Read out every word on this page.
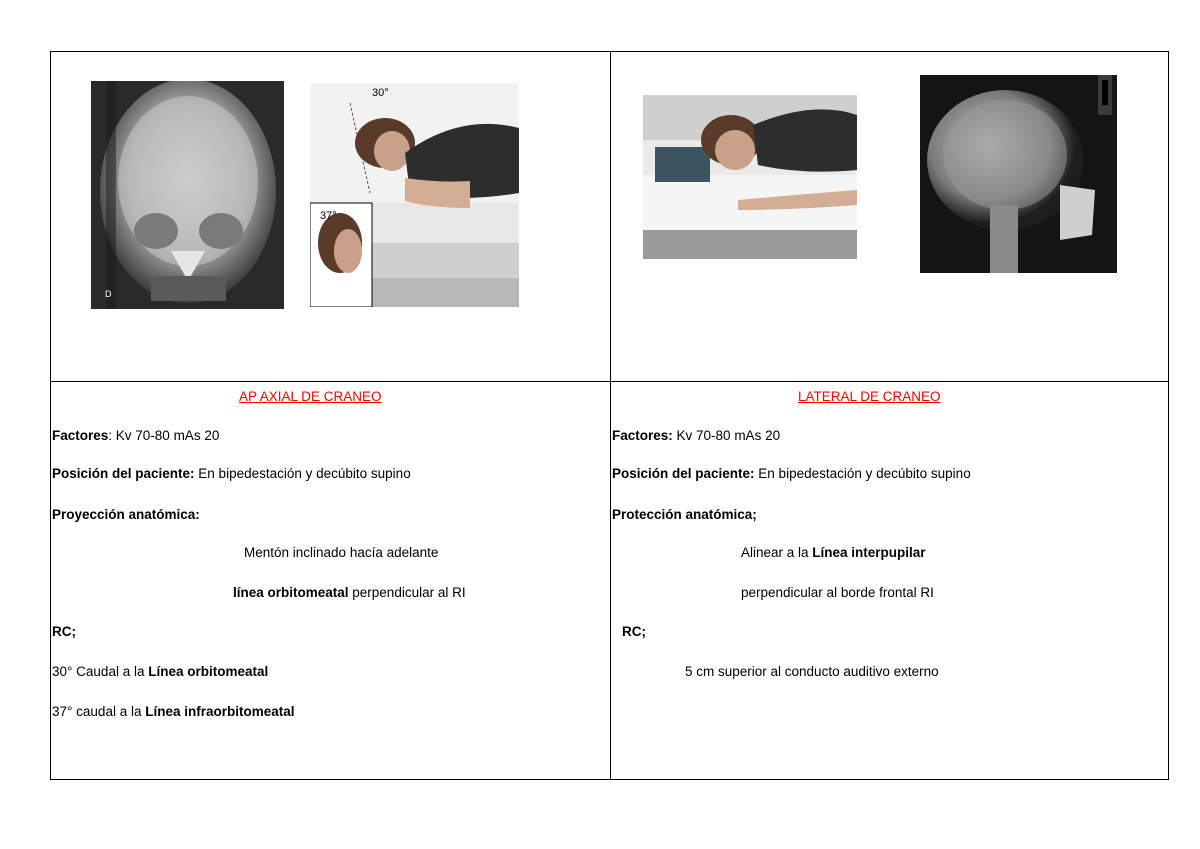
D
30°
37°
AP AXIAL DE CRANEO
Factores: Kv 70-80 mAs 20
Posición del paciente: En bipedestación y decúbito supino
Proyección anatómica:
Mentón inclinado hacía adelante
línea orbitomeatal perpendicular al RI
RC;
30° Caudal a la Línea orbitomeatal
37° caudal a la Línea infraorbitomeatal
LATERAL DE CRANEO
Factores: Kv 70-80 mAs 20
Posición del paciente: En bipedestación y decúbito supino
Protección anatómica;
Alinear a la Línea interpupilar
perpendicular al borde frontal RI
RC;
5 cm superior al conducto auditivo externo
